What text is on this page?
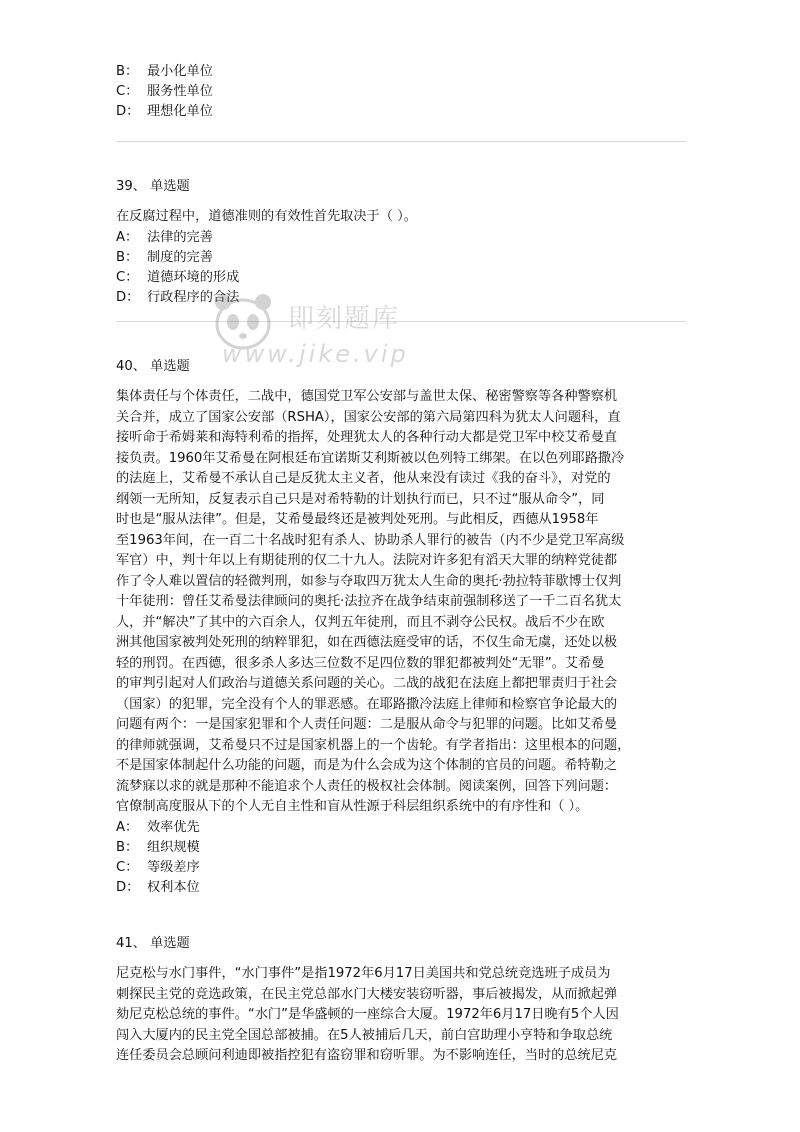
B： 最小化单位
C： 服务性单位
D： 理想化单位
39、 单选题
在反腐过程中，道德准则的有效性首先取决于（ ）。
A： 法律的完善
B： 制度的完善
C： 道德环境的形成
D： 行政程序的合法
40、 单选题
集体责任与个体责任，二战中，德国党卫军公安部与盖世太保、秘密警察等各种警察机
关合并，成立了国家公安部（RSHA），国家公安部的第六局第四科为犹太人问题科，直
接听命于希姆莱和海特利希的指挥，处理犹太人的各种行动大都是党卫军中校艾希曼直
接负责。1960年艾希曼在阿根廷布宜诺斯艾利斯被以色列特工绑架。在以色列耶路撒冷
的法庭上，艾希曼不承认自己是反犹太主义者，他从来没有读过《我的奋斗》，对党的
纲领一无所知，反复表示自己只是对希特勒的计划执行而已，只不过“服从命令”，同
时也是“服从法律”。但是，艾希曼最终还是被判处死刑。与此相反，西德从1958年
至1963年间，在一百二十名战时犯有杀人、协助杀人罪行的被告（内不少是党卫军高级
军官）中，判十年以上有期徒刑的仅二十九人。法院对许多犯有滔天大罪的纳粹党徒都
作了令人难以置信的轻微判刑，如参与夺取四万犹太人生命的奥托·勃拉特菲歇博士仅判
十年徒刑：曾任艾希曼法律顾问的奥托·法拉齐在战争结束前强制移送了一千二百名犹太
人，并“解决”了其中的六百余人，仅判五年徒刑，而且不剥夺公民权。战后不少在欧
洲其他国家被判处死刑的纳粹罪犯，如在西德法庭受审的话，不仅生命无虞，还处以极
轻的刑罚。在西德，很多杀人多达三位数不足四位数的罪犯都被判处“无罪”。艾希曼
的审判引起对人们政治与道德关系问题的关心。二战的战犯在法庭上都把罪责归于社会
（国家）的犯罪，完全没有个人的罪恶感。在耶路撒冷法庭上律师和检察官争论最大的
问题有两个：一是国家犯罪和个人责任问题：二是服从命令与犯罪的问题。比如艾希曼
的律师就强调，艾希曼只不过是国家机器上的一个齿轮。有学者指出：这里根本的问题，
不是国家体制起什么功能的问题，而是为什么会成为这个体制的官员的问题。希特勒之
流梦寐以求的就是那种不能追求个人责任的极权社会体制。阅读案例，回答下列问题：
官僚制高度服从下的个人无自主性和盲从性源于科层组织系统中的有序性和（ ）。
A： 效率优先
B： 组织规模
C： 等级差序
D： 权利本位
41、 单选题
尼克松与水门事件，“水门事件”是指1972年6月17日美国共和党总统竞选班子成员为
刺探民主党的竞选政策，在民主党总部水门大楼安装窃听器，事后被揭发，从而掀起弹
劾尼克松总统的事件。“水门”是华盛顿的一座综合大厦。1972年6月17日晚有5个人因
闯入大厦内的民主党全国总部被捕。在5人被捕后几天，前白宫助理小亨特和争取总统
连任委员会总顾问利迪即被指控犯有盗窃罪和窃听罪。为不影响连任，当时的总统尼克
即刻题库
www.jike.vip
